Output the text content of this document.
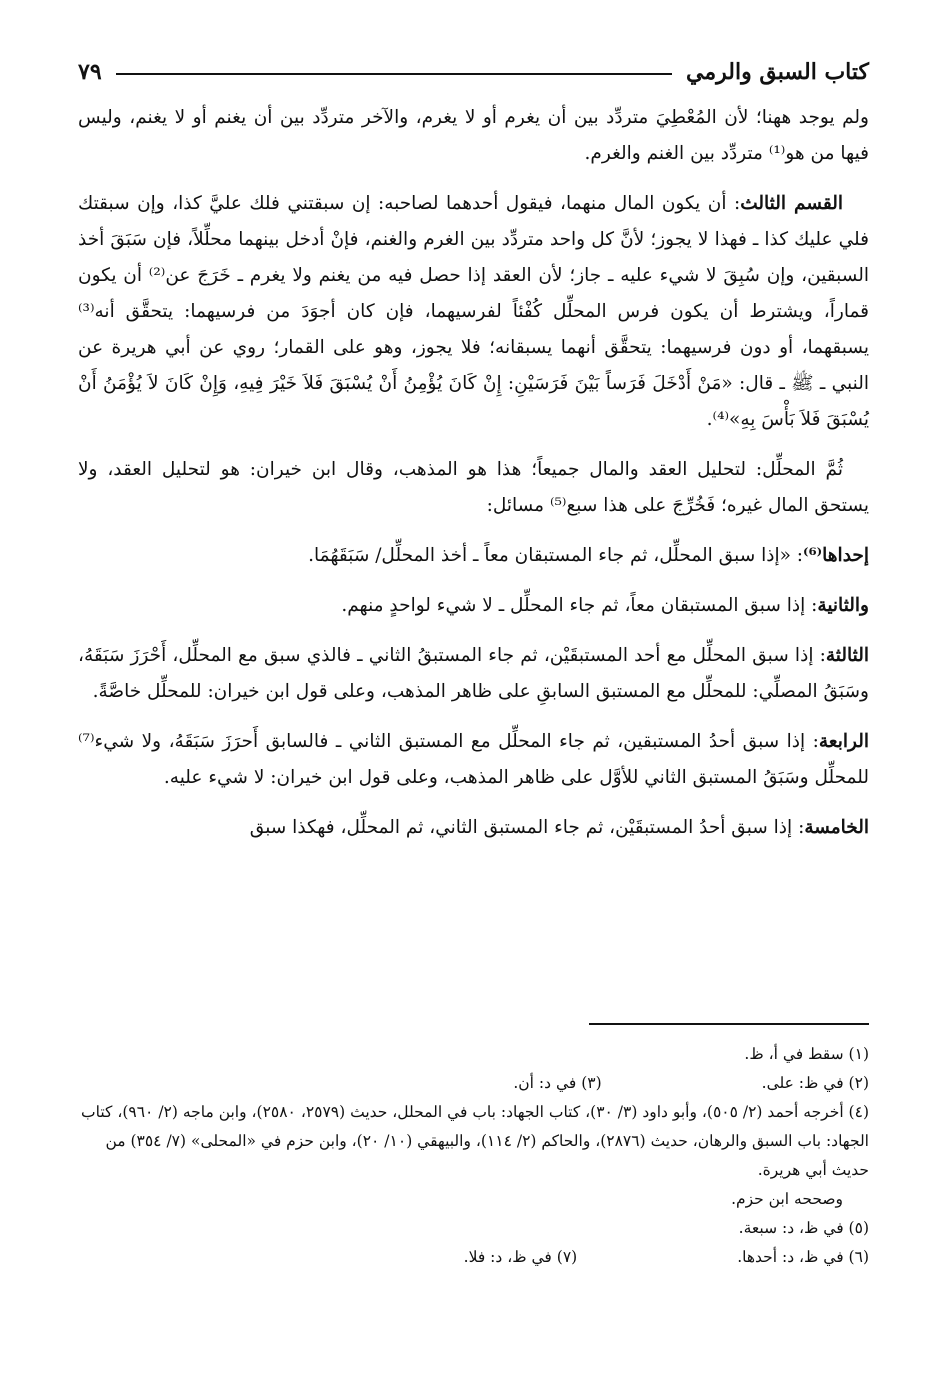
كتاب السبق والرمي
٧٩

ولم يوجد ههنا؛ لأن المُعْطِيَ متردِّد بين أن يغرم أو لا يغرم، والآخر متردِّد بين أن يغنم أو لا يغنم، وليس فيها من هو⁽¹⁾ متردِّد بين الغنم والغرم.

القسم الثالث: أن يكون المال منهما، فيقول أحدهما لصاحبه: إن سبقتني فلك عليَّ كذا، وإن سبقتك فلي عليك كذا ـ فهذا لا يجوز؛ لأنَّ كل واحد متردِّد بين الغرم والغنم، فإنْ أدخل بينهما محلِّلاً، فإن سَبَقَ أخذ السبقين، وإن سُبِقَ لا شيء عليه ـ جاز؛ لأن العقد إذا حصل فيه من يغنم ولا يغرم ـ خَرَجَ عن⁽²⁾ أن يكون قماراً، ويشترط أن يكون فرس المحلِّل كُفْئاً لفرسيهما، فإن كان أجوَدَ من فرسيهما: يتحقَّق أنه⁽³⁾ يسبقهما، أو دون فرسيهما: يتحقَّق أنهما يسبقانه؛ فلا يجوز، وهو على القمار؛ روي عن أبي هريرة عن النبي ـ ﷺ ـ قال: «مَنْ أَدْخَلَ فَرَساً بَيْنَ فَرَسَيْنِ: إِنْ كَانَ يُؤْمِنُ أَنْ يُسْبَقَ فَلاَ خَيْرَ فِيهِ، وَإِنْ كَانَ لاَ يُؤْمَنُ أَنْ يُسْبَقَ فَلاَ بَأْسَ بِهِ»⁽⁴⁾.

ثُمَّ المحلِّل: لتحليل العقد والمال جميعاً؛ هذا هو المذهب، وقال ابن خيران: هو لتحليل العقد، ولا يستحق المال غيره؛ فَخُرِّجَ على هذا سبع⁽⁵⁾ مسائل:

إحداها⁽⁶⁾: «إذا سبق المحلِّل، ثم جاء المستبقان معاً ـ أخذ المحلِّل/ سَبَقَهُمَا.

والثانية: إذا سبق المستبقان معاً، ثم جاء المحلِّل ـ لا شيء لواحدٍ منهم.

الثالثة: إذا سبق المحلِّل مع أحد المستبقَيْن، ثم جاء المستبقُ الثاني ـ فالذي سبق مع المحلِّل، أَحْرَزَ سَبَقَهُ، وسَبَقُ المصلِّي: للمحلِّل مع المستبق السابقِ على ظاهر المذهب، وعلى قول ابن خيران: للمحلِّل خاصَّةً.

الرابعة: إذا سبق أحدُ المستبقين، ثم جاء المحلِّل مع المستبق الثاني ـ فالسابق أَحرَزَ سَبَقَهُ، ولا شيء⁽⁷⁾ للمحلِّل وسَبَقُ المستبق الثاني للأوَّل على ظاهر المذهب، وعلى قول ابن خيران: لا شيء عليه.

الخامسة: إذا سبق أحدُ المستبقَيْن، ثم جاء المستبق الثاني، ثم المحلِّل، فهكذا سبق

(١) سقط في أ، ظ.
(٢) في ظ: على.
(٣) في د: أن.
(٤) أخرجه أحمد (٢/ ٥٠٥)، وأبو داود (٣/ ٣٠)، كتاب الجهاد: باب في المحلل، حديث (٢٥٧٩، ٢٥٨٠)، وابن ماجه (٢/ ٩٦٠)، كتاب الجهاد: باب السبق والرهان، حديث (٢٨٧٦)، والحاكم (٢/ ١١٤)، والبيهقي (١٠/ ٢٠)، وابن حزم في «المحلى» (٧/ ٣٥٤) من حديث أبي هريرة.
وصححه ابن حزم.
(٥) في ظ، د: سبعة.
(٦) في ظ، د: أحدها.
(٧) في ظ، د: فلا.
